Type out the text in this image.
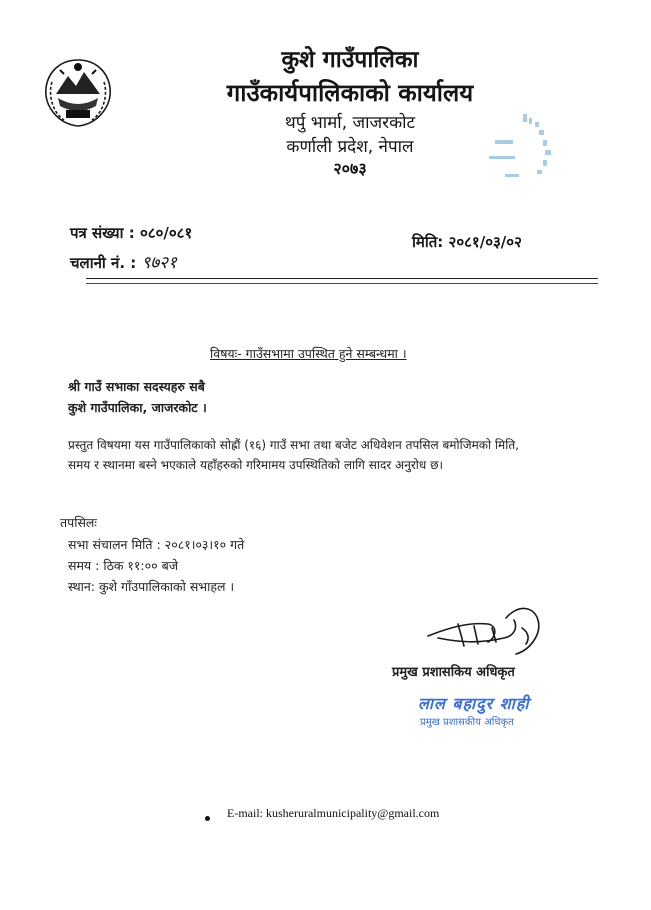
कुशे गाउँपालिका
गाउँकार्यपालिकाको कार्यालय
थर्पु भार्मा, जाजरकोट
कर्णाली प्रदेश, नेपाल
२०७३
पत्र संख्या : ०८०/०८१
चलानी नं. : ९७२१
मिति: २०८१/०३/०२
विषयः- गाउँसभामा उपस्थित हुने सम्बन्धमा ।
श्री गाउँ सभाका सदस्यहरु सबै
कुशे गाउँपालिका, जाजरकोट ।
प्रस्तुत विषयमा यस गाउँपालिकाको सोह्रौं (१६) गाउँ सभा तथा बजेट अधिवेशन तपसिल बमोजिमको मिति,
समय र स्थानमा बस्ने भएकाले यहाँहरुको गरिमामय उपस्थितिको लागि सादर अनुरोध छ।
तपसिलः
सभा संचालन मिति : २०८१।०३।१० गते
समय : ठिक ११:०० बजे
स्थान: कुशे गाँउपालिकाको सभाहल ।
प्रमुख प्रशासकिय अधिकृत
लाल बहादुर शाही
प्रमुख प्रशासकीय अधिकृत
E-mail: kusheruralmunicipality@gmail.com
